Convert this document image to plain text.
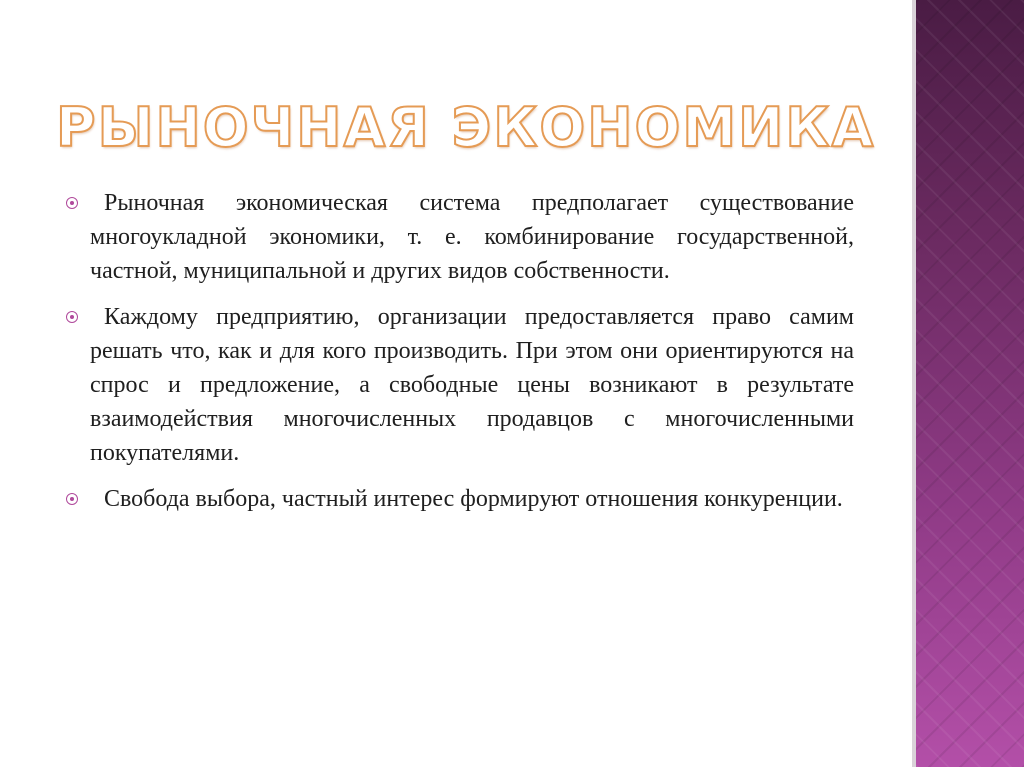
РЫНОЧНАЯ ЭКОНОМИКА
Рыночная экономическая система предполагает существование многоукладной экономики, т. е. комбинирование государственной, частной, муниципальной и других видов собственности.
Каждому предприятию, организации предоставляется право самим решать что, как и для кого производить. При этом они ориентируются на спрос и предложение, а свободные цены возникают в результате взаимодействия многочисленных продавцов с многочисленными покупателями.
Свобода выбора, частный интерес формируют отношения конкуренции.
